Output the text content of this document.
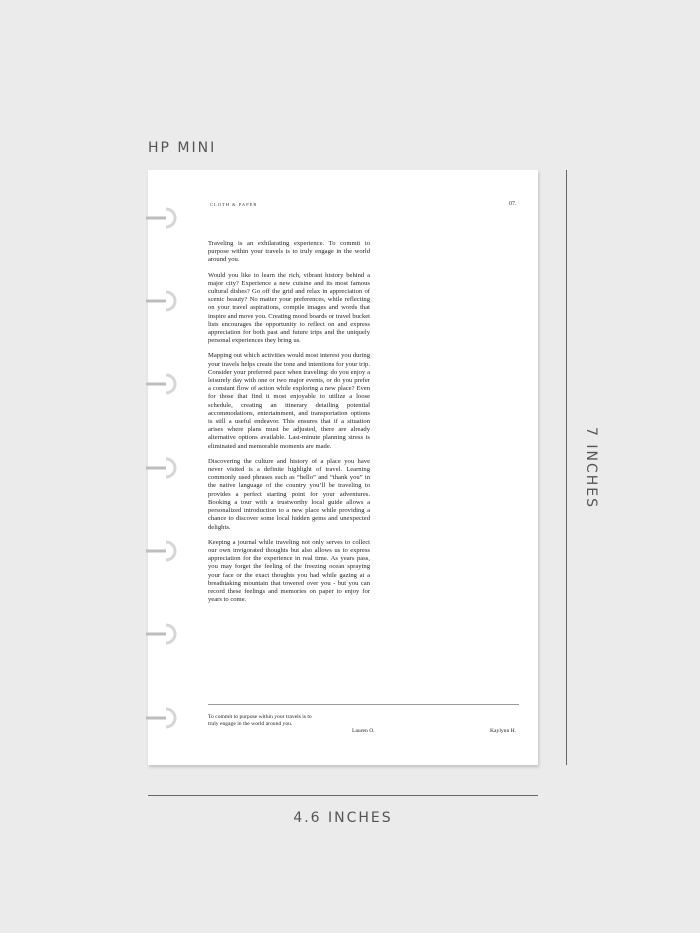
HP MINI
CLOTH & PAPER	07.

Traveling is an exhilarating experience. To commit to purpose within your travels is to truly engage in the world around you.

Would you like to learn the rich, vibrant history behind a major city? Experience a new cuisine and its most famous cultural dishes? Go off the grid and relax in appreciation of scenic beauty? No matter your preferences, while reflecting on your travel aspirations, compile images and words that inspire and move you. Creating mood boards or travel bucket lists encourages the opportunity to reflect on and express appreciation for both past and future trips and the uniquely personal experiences they bring us.

Mapping out which activities would most interest you during your travels helps create the tone and intentions for your trip. Consider your preferred pace when traveling: do you enjoy a leisurely day with one or two major events, or do you prefer a constant flow of action while exploring a new place? Even for those that find it most enjoyable to utilize a loose schedule, creating an itinerary detailing potential accommodations, entertainment, and transportation options is still a useful endeavor. This ensures that if a situation arises where plans must be adjusted, there are already alternative options available. Last-minute planning stress is eliminated and memorable moments are made.

Discovering the culture and history of a place you have never visited is a definite highlight of travel. Learning commonly used phrases such as “hello” and “thank you” in the native language of the country you’ll be traveling to provides a perfect starting point for your adventures. Booking a tour with a trustworthy local guide allows a personalized introduction to a new place while providing a chance to discover some local hidden gems and unexpected delights.

Keeping a journal while traveling not only serves to collect our own invigorated thoughts but also allows us to express appreciation for the experience in real time. As years pass, you may forget the feeling of the freezing ocean spraying your face or the exact thoughts you had while gazing at a breathtaking mountain that towered over you - but you can record these feelings and memories on paper to enjoy for years to come.

To commit to purpose within your travels is to truly engage in the world around you.
Lauren O.	Kaylynn H.
7 INCHES
4.6 INCHES
